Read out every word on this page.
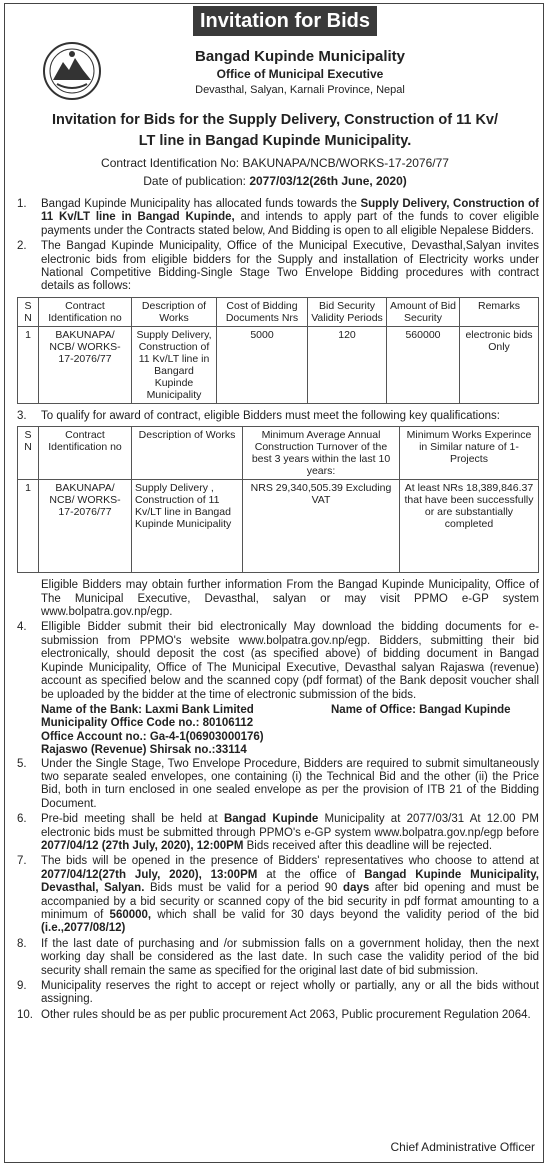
Invitation for Bids
Bangad Kupinde Municipality
Office of Municipal Executive
Devasthal, Salyan, Karnali Province, Nepal
Invitation for Bids for the Supply Delivery, Construction of 11 Kv/
LT line in Bangad Kupinde Municipality.
Contract Identification No: BAKUNAPA/NCB/WORKS-17-2076/77
Date of publication: 2077/03/12(26th June, 2020)
1.	Bangad Kupinde Municipality has allocated funds towards the Supply Delivery, Construction of 11 Kv/LT line in Bangad Kupinde, and intends to apply part of the funds to cover eligible payments under the Contracts stated below, And Bidding is open to all eligible Nepalese Bidders.
2.	The Bangad Kupinde Municipality, Office of the Municipal Executive, Devasthal,Salyan invites electronic bids from eligible bidders for the Supply and installation of Electricity works under National Competitive Bidding-Single Stage Two Envelope Bidding procedures with contract details as follows:
S N	Contract Identification no	Description of Works	Cost of Bidding Documents Nrs	Bid Security Validity Periods	Amount of Bid Security	Remarks
1	BAKUNAPA/ NCB/ WORKS-17-2076/77	Supply Delivery, Construction of 11 Kv/LT line in Bangard Kupinde Municipality	5000	120	560000	electronic bids Only
3.	To qualify for award of contract, eligible Bidders must meet the following key qualifications:
S N	Contract Identification no	Description of Works	Minimum Average Annual Construction Turnover of the best 3 years within the last 10 years:	Minimum Works Experince in Similar nature of 1- Projects
1	BAKUNAPA/ NCB/ WORKS-17-2076/77	Supply Delivery , Construction of 11 Kv/LT line in Bangad Kupinde Municipality	NRS 29,340,505.39 Excluding VAT	At least NRs 18,389,846.37 that have been successfully or are substantially completed
Eligible Bidders may obtain further information From the Bangad Kupinde Municipality, Office of The Municipal Executive, Devasthal, salyan or may visit PPMO e-GP system www.bolpatra.gov.np/egp.
4.	Elligible Bidder submit their bid electronically May download the bidding documents for e-submission from PPMO's website www.bolpatra.gov.np/egp. Bidders, submitting their bid electronically, should deposit the cost (as specified above) of bidding document in Bangad Kupinde Municipality, Office of The Municipal Executive, Devasthal salyan Rajaswa (revenue) account as specified below and the scanned copy (pdf format) of the Bank deposit voucher shall be uploaded by the bidder at the time of electronic submission of the bids.
Name of the Bank: Laxmi Bank Limited	Name of Office: Bangad Kupinde
Municipality Office Code no.: 80106112
Office Account no.: Ga-4-1(06903000176)
Rajaswo (Revenue) Shirsak no.:33114
5.	Under the Single Stage, Two Envelope Procedure, Bidders are required to submit simultaneously two separate sealed envelopes, one containing (i) the Technical Bid and the other (ii) the Price Bid, both in turn enclosed in one sealed envelope as per the provision of ITB 21 of the Bidding Document.
6.	Pre-bid meeting shall be held at Bangad Kupinde Municipality at 2077/03/31 At 12.00 PM electronic bids must be submitted through PPMO's e-GP system www.bolpatra.gov.np/egp before 2077/04/12 (27th July, 2020), 12:00PM Bids received after this deadline will be rejected.
7.	The bids will be opened in the presence of Bidders' representatives who choose to attend at 2077/04/12(27th July, 2020), 13:00PM at the office of Bangad Kupinde Municipality, Devasthal, Salyan. Bids must be valid for a period 90 days after bid opening and must be accompanied by a bid security or scanned copy of the bid security in pdf format amounting to a minimum of 560000, which shall be valid for 30 days beyond the validity period of the bid (i.e.,2077/08/12)
8.	If the last date of purchasing and /or submission falls on a government holiday, then the next working day shall be considered as the last date. In such case the validity period of the bid security shall remain the same as specified for the original last date of bid submission.
9.	Municipality reserves the right to accept or reject wholly or partially, any or all the bids without assigning.
10. Other rules should be as per public procurement Act 2063, Public procurement Regulation 2064.
Chief Administrative Officer
